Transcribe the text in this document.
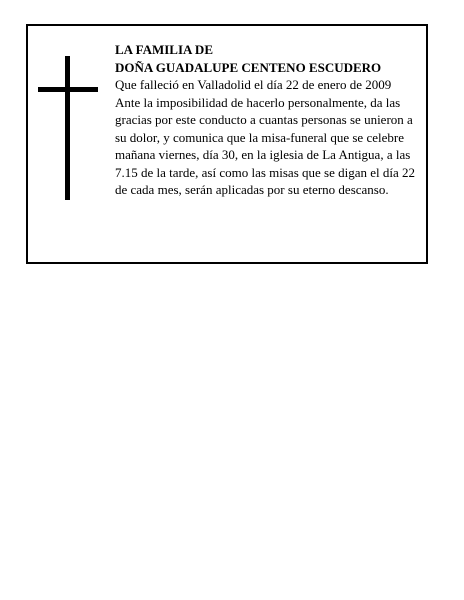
LA FAMILIA DE
DOÑA GUADALUPE CENTENO ESCUDERO
Que falleció en Valladolid el día 22 de enero de 2009
Ante la imposibilidad de hacerlo personalmente, da las gracias por este conducto a cuantas personas se unieron a su dolor, y comunica que la misa-funeral que se celebre mañana viernes, día 30, en la iglesia de La Antigua, a las 7.15 de la tarde, así como las misas que se digan el día 22 de cada mes, serán aplicadas por su eterno descanso.
